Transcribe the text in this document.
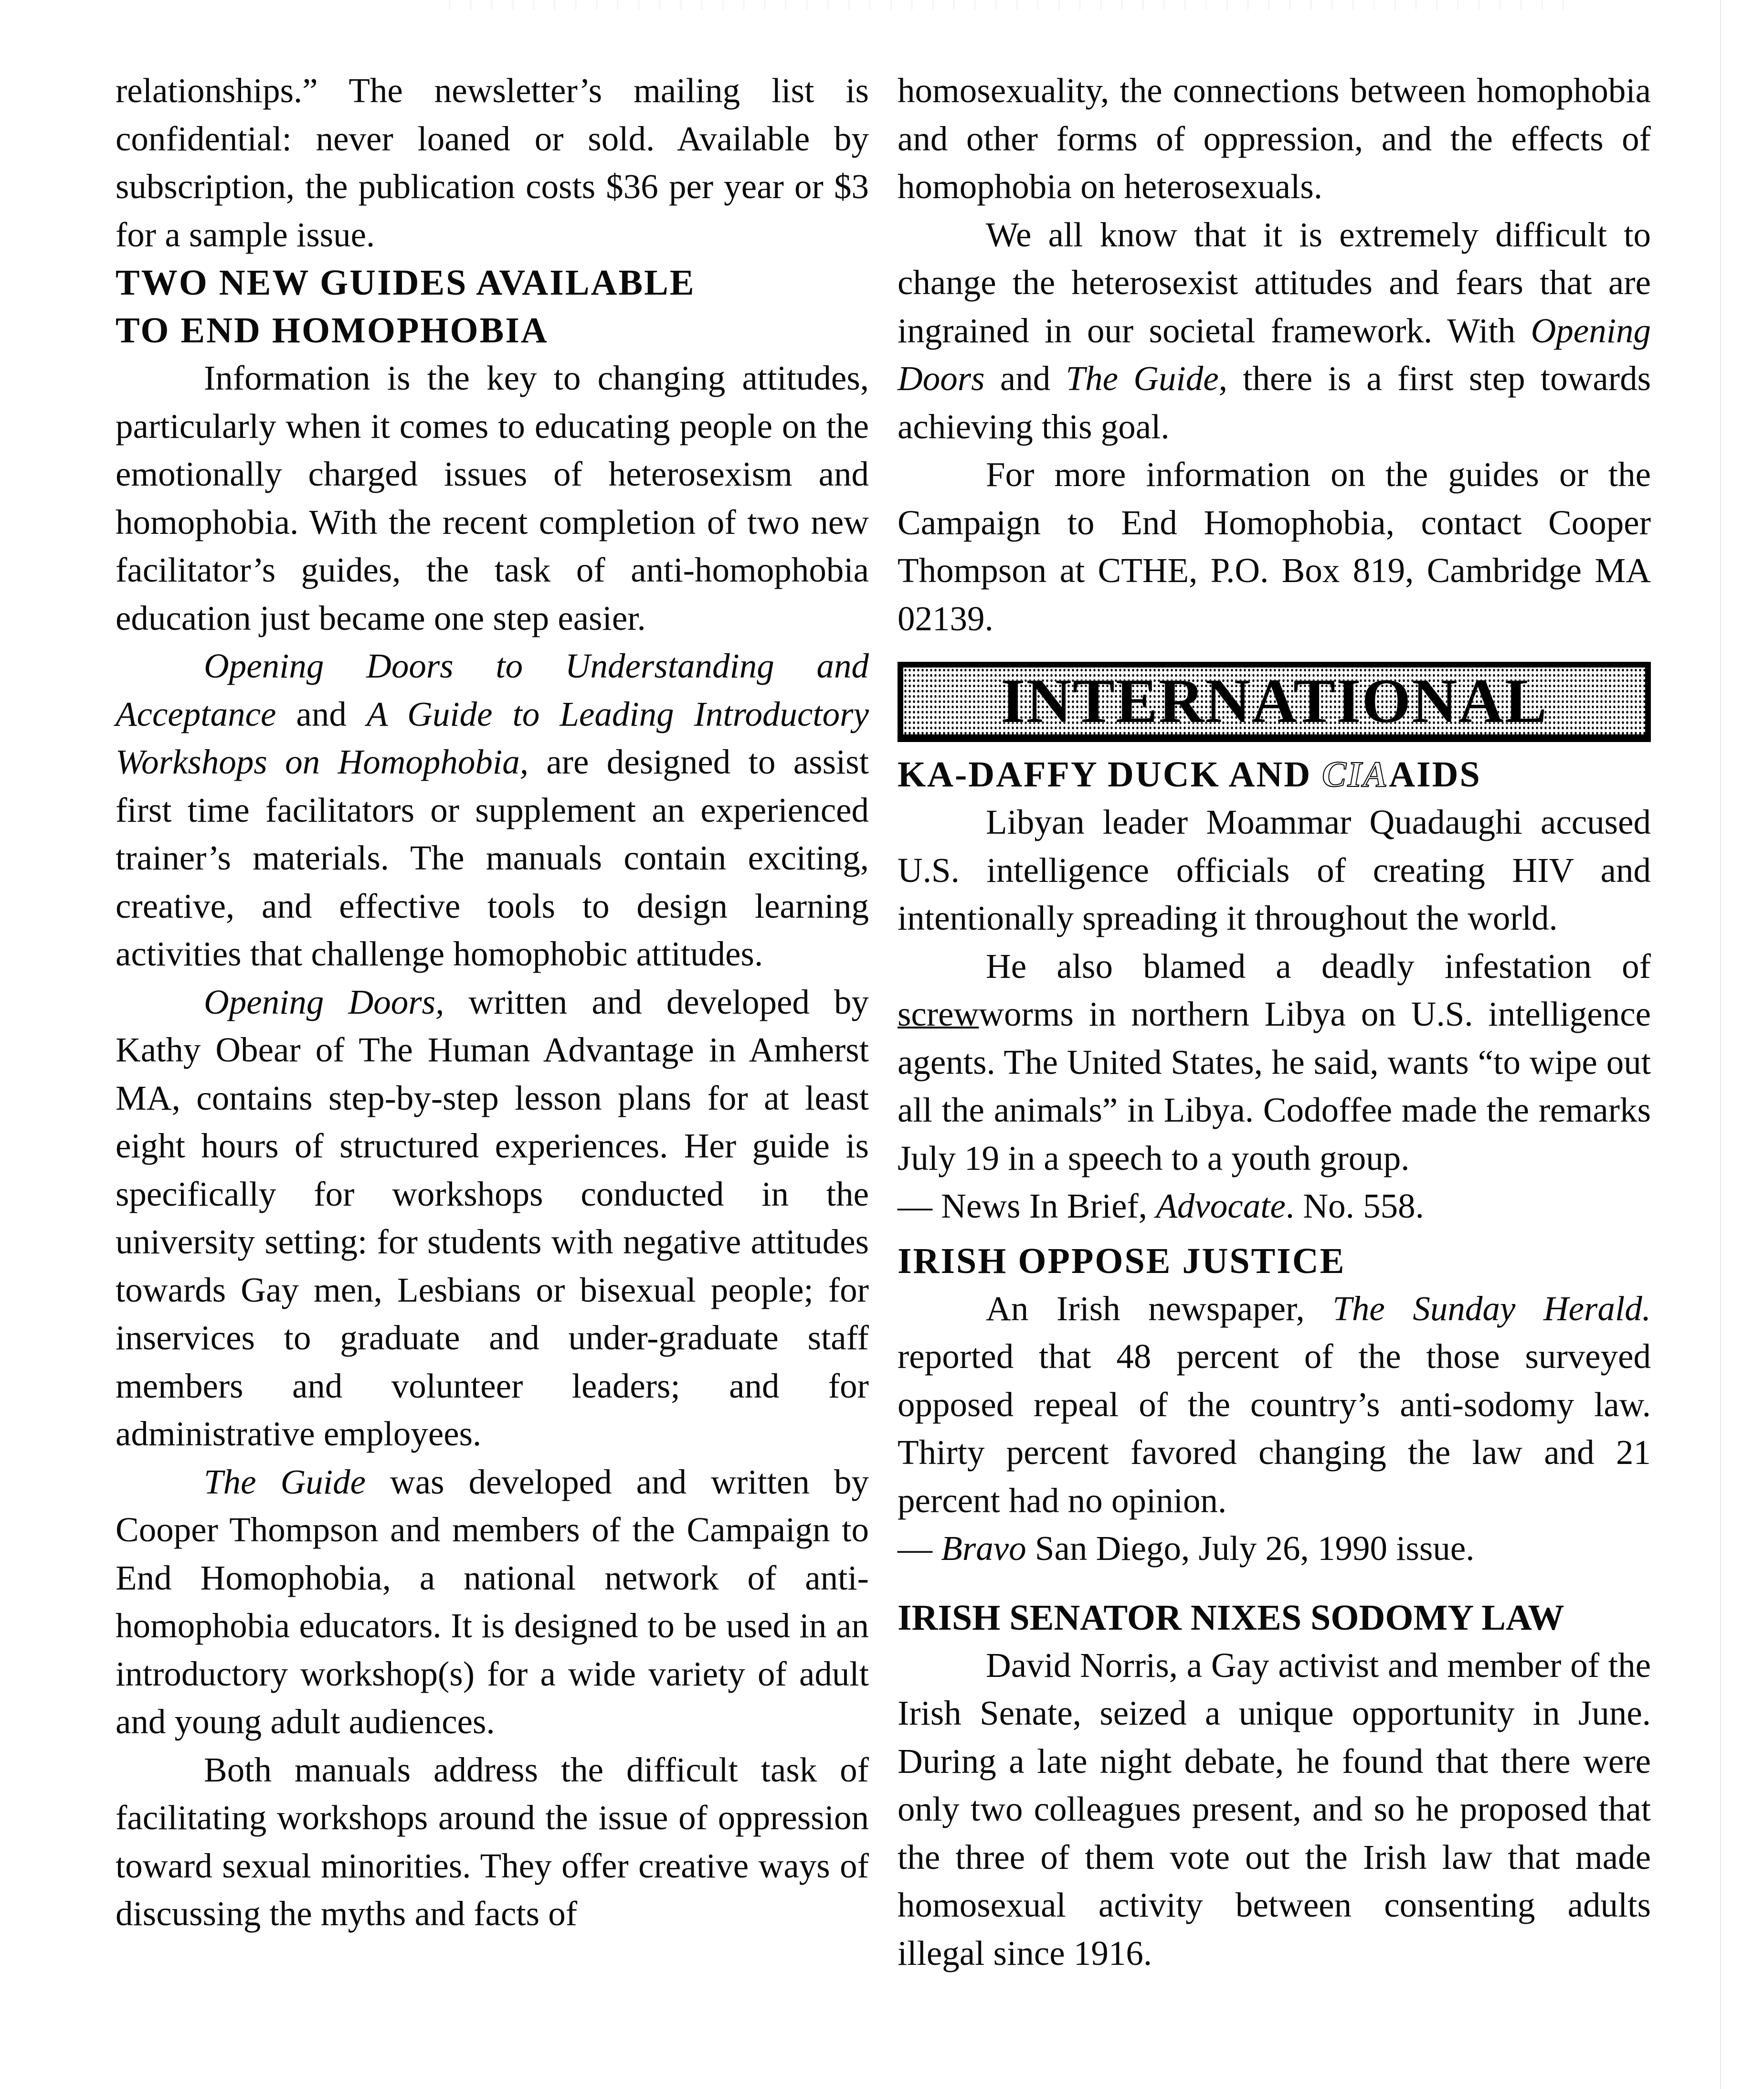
relationships.” The newsletter’s mailing list is confidential: never loaned or sold. Available by subscription, the publication costs $36 per year or $3 for a sample issue.

TWO NEW GUIDES AVAILABLE
TO END HOMOPHOBIA

Information is the key to changing attitudes, particularly when it comes to educating people on the emotionally charged issues of heterosexism and homophobia. With the recent completion of two new facilitator’s guides, the task of anti-homophobia education just became one step easier.

Opening Doors to Understanding and Acceptance and A Guide to Leading Introductory Workshops on Homophobia, are designed to assist first time facilitators or supplement an experienced trainer’s materials. The manuals contain exciting, creative, and effective tools to design learning activities that challenge homophobic attitudes.

Opening Doors, written and developed by Kathy Obear of The Human Advantage in Amherst MA, contains step-by-step lesson plans for at least eight hours of structured experiences. Her guide is specifically for workshops conducted in the university setting: for students with negative attitudes towards Gay men, Lesbians or bisexual people; for inservices to graduate and under-graduate staff members and volunteer leaders; and for administrative employees.

The Guide was developed and written by Cooper Thompson and members of the Campaign to End Homophobia, a national network of anti-homophobia educators. It is designed to be used in an introductory workshop(s) for a wide variety of adult and young adult audiences.

Both manuals address the difficult task of facilitating workshops around the issue of oppression toward sexual minorities. They offer creative ways of discussing the myths and facts of

homosexuality, the connections between homophobia and other forms of oppression, and the effects of homophobia on heterosexuals.

We all know that it is extremely difficult to change the heterosexist attitudes and fears that are ingrained in our societal framework. With Opening Doors and The Guide, there is a first step towards achieving this goal.

For more information on the guides or the Campaign to End Homophobia, contact Cooper Thompson at CTHE, P.O. Box 819, Cambridge MA 02139.

INTERNATIONAL
KA-DAFFY DUCK AND CIAAIDS

Libyan leader Moammar Quadaughi accused U.S. intelligence officials of creating HIV and intentionally spreading it throughout the world.

He also blamed a deadly infestation of screwworms in northern Libya on U.S. intelligence agents. The United States, he said, wants “to wipe out all the animals” in Libya. Codoffee made the remarks July 19 in a speech to a youth group.

— News In Brief, Advocate. No. 558.

IRISH OPPOSE JUSTICE

An Irish newspaper, The Sunday Herald. reported that 48 percent of the those surveyed opposed repeal of the country’s anti-sodomy law. Thirty percent favored changing the law and 21 percent had no opinion.

— Bravo San Diego, July 26, 1990 issue.

IRISH SENATOR NIXES SODOMY LAW

David Norris, a Gay activist and member of the Irish Senate, seized a unique opportunity in June. During a late night debate, he found that there were only two colleagues present, and so he proposed that the three of them vote out the Irish law that made homosexual activity between consenting adults illegal since 1916.
